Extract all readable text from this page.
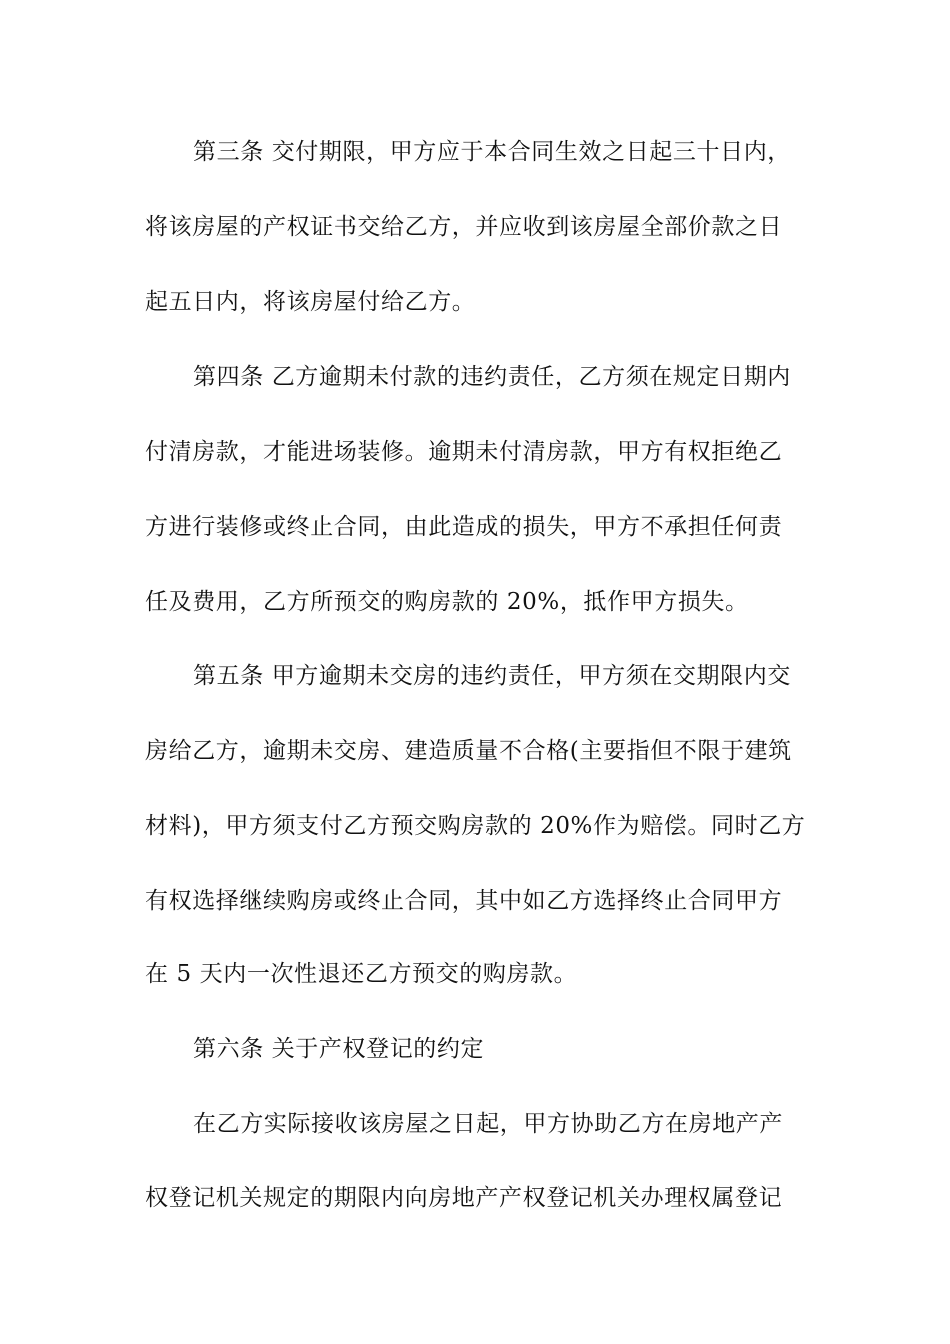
第三条 交付期限，甲方应于本合同生效之日起三十日内，
将该房屋的产权证书交给乙方，并应收到该房屋全部价款之日
起五日内，将该房屋付给乙方。
第四条 乙方逾期未付款的违约责任，乙方须在规定日期内
付清房款，才能进场装修。逾期未付清房款，甲方有权拒绝乙
方进行装修或终止合同，由此造成的损失，甲方不承担任何责
任及费用，乙方所预交的购房款的 20%，抵作甲方损失。
第五条 甲方逾期未交房的违约责任，甲方须在交期限内交
房给乙方，逾期未交房、建造质量不合格(主要指但不限于建筑
材料)，甲方须支付乙方预交购房款的 20%作为赔偿。同时乙方
有权选择继续购房或终止合同，其中如乙方选择终止合同甲方
在 5 天内一次性退还乙方预交的购房款。
第六条 关于产权登记的约定
在乙方实际接收该房屋之日起，甲方协助乙方在房地产产
权登记机关规定的期限内向房地产产权登记机关办理权属登记
